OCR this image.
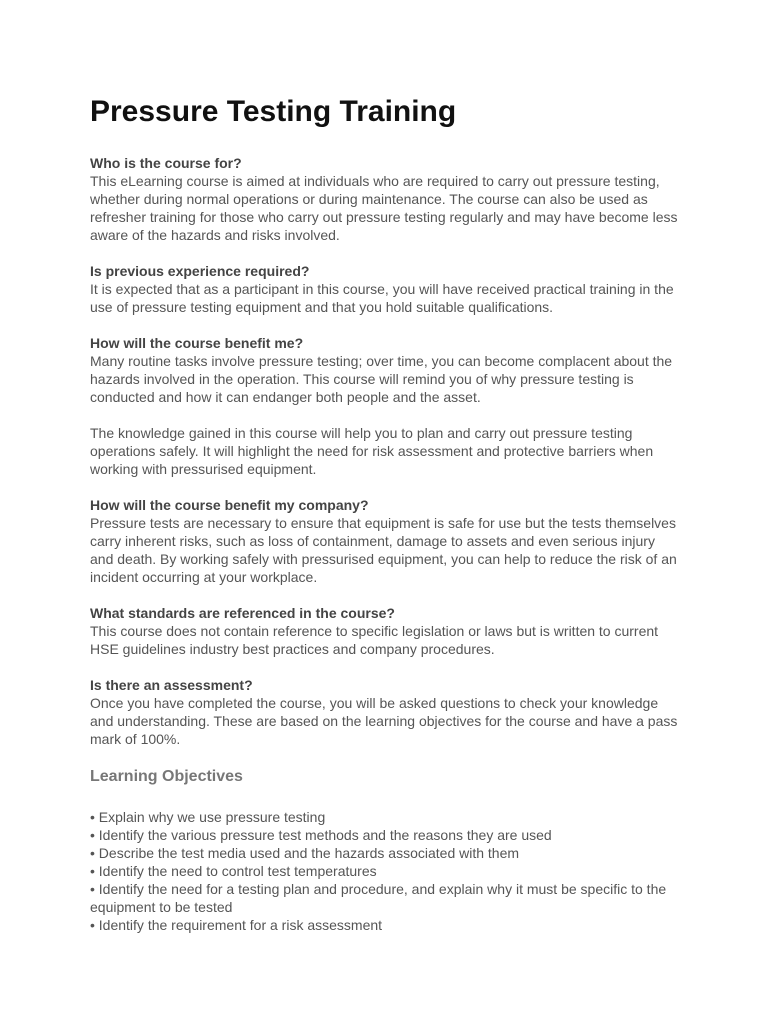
Pressure Testing Training

Who is the course for?

This eLearning course is aimed at individuals who are required to carry out pressure testing, whether during normal operations or during maintenance. The course can also be used as refresher training for those who carry out pressure testing regularly and may have become less aware of the hazards and risks involved.

Is previous experience required?

It is expected that as a participant in this course, you will have received practical training in the use of pressure testing equipment and that you hold suitable qualifications.

How will the course benefit me?

Many routine tasks involve pressure testing; over time, you can become complacent about the hazards involved in the operation. This course will remind you of why pressure testing is conducted and how it can endanger both people and the asset.

The knowledge gained in this course will help you to plan and carry out pressure testing operations safely. It will highlight the need for risk assessment and protective barriers when working with pressurised equipment.

How will the course benefit my company?

Pressure tests are necessary to ensure that equipment is safe for use but the tests themselves carry inherent risks, such as loss of containment, damage to assets and even serious injury and death. By working safely with pressurised equipment, you can help to reduce the risk of an incident occurring at your workplace.

What standards are referenced in the course?

This course does not contain reference to specific legislation or laws but is written to current HSE guidelines industry best practices and company procedures.

Is there an assessment?

Once you have completed the course, you will be asked questions to check your knowledge and understanding. These are based on the learning objectives for the course and have a pass mark of 100%.

Learning Objectives
• Explain why we use pressure testing
• Identify the various pressure test methods and the reasons they are used
• Describe the test media used and the hazards associated with them
• Identify the need to control test temperatures
• Identify the need for a testing plan and procedure, and explain why it must be specific to the equipment to be tested
• Identify the requirement for a risk assessment
